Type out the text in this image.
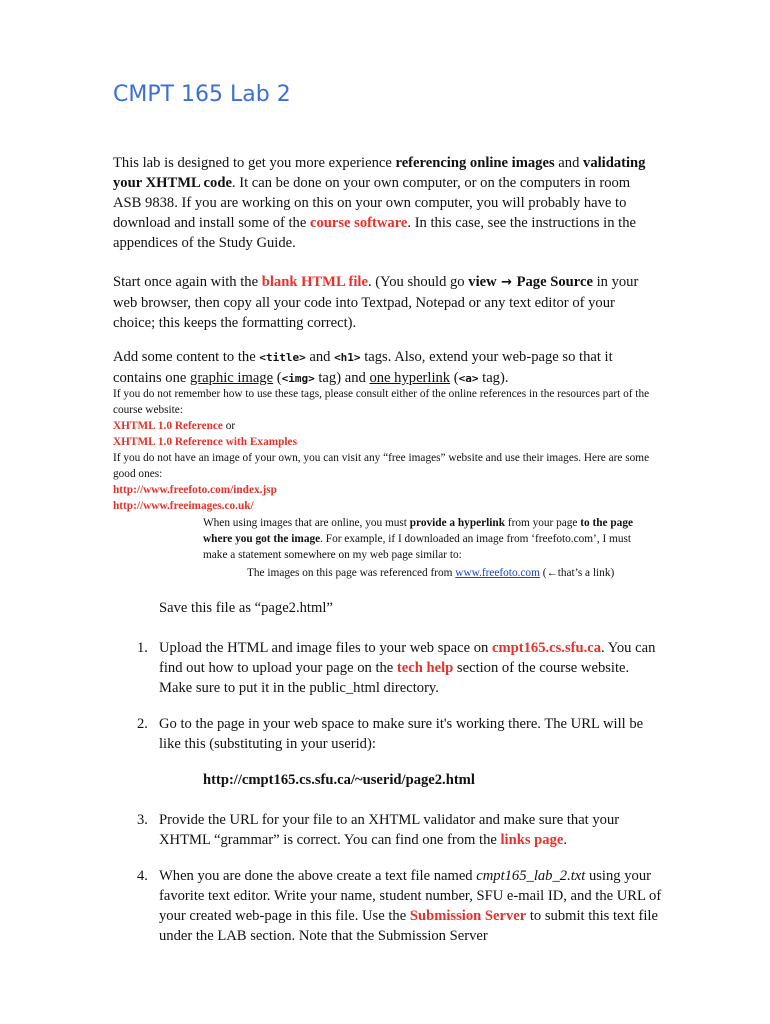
CMPT 165 Lab 2

This lab is designed to get you more experience referencing online images and validating your XHTML code. It can be done on your own computer, or on the computers in room ASB 9838. If you are working on this on your own computer, you will probably have to download and install some of the course software. In this case, see the instructions in the appendices of the Study Guide.

Start once again with the blank HTML file. (You should go view → Page Source in your web browser, then copy all your code into Textpad, Notepad or any text editor of your choice; this keeps the formatting correct).

Add some content to the <title> and <h1> tags. Also, extend your web-page so that it contains one graphic image (<img> tag) and one hyperlink (<a> tag).

If you do not remember how to use these tags, please consult either of the online references in the resources part of the course website:
XHTML 1.0 Reference or
XHTML 1.0 Reference with Examples
If you do not have an image of your own, you can visit any “free images” website and use their images. Here are some good ones:
http://www.freefoto.com/index.jsp
http://www.freeimages.co.uk/

When using images that are online, you must provide a hyperlink from your page to the page where you got the image. For example, if I downloaded an image from ‘freefoto.com’, I must make a statement somewhere on my web page similar to:

The images on this page was referenced from www.freefoto.com (←that’s a link)

Save this file as “page2.html”

1. Upload the HTML and image files to your web space on cmpt165.cs.sfu.ca. You can find out how to upload your page on the tech help section of the course website. Make sure to put it in the public_html directory.
2. Go to the page in your web space to make sure it's working there. The URL will be like this (substituting in your userid):

http://cmpt165.cs.sfu.ca/~userid/page2.html

3. Provide the URL for your file to an XHTML validator and make sure that your XHTML “grammar” is correct. You can find one from the links page.
4. When you are done the above create a text file named cmpt165_lab_2.txt using your favorite text editor. Write your name, student number, SFU e-mail ID, and the URL of your created web-page in this file. Use the Submission Server to submit this text file under the LAB section. Note that the Submission Server
